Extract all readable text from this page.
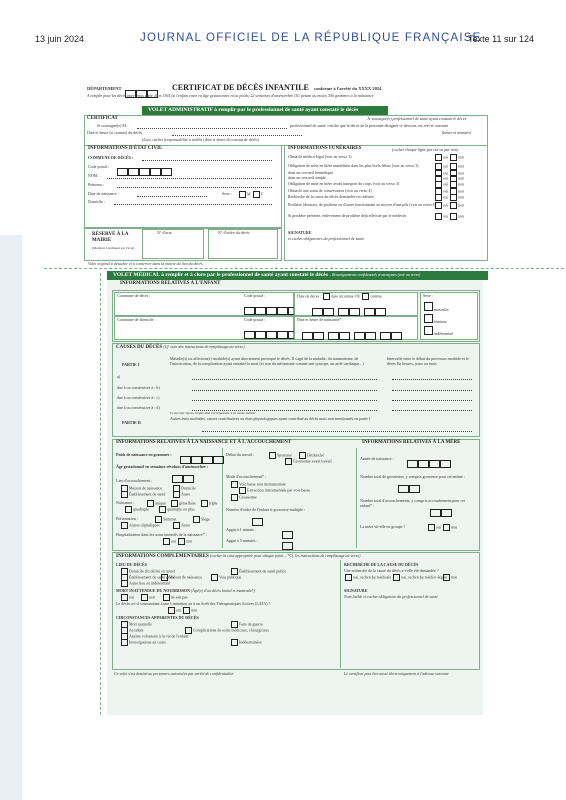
13 juin 2024	JOURNAL OFFICIEL DE LA RÉPUBLIQUE FRANÇAISE
Texte 11 sur 124
DÉPARTEMENT	CERTIFICAT DE DÉCÈS INFANTILE conforme à l'arrêté du XXXX 2024
A remplir pour les décès intervenus entre J0 et J364 (si l'enfant entre en âge gestationnel et/ou poids) 22 semaines d'aménorrhée OU pesant au moins 500 grammes à la naissance
VOLET ADMINISTRATIF à remplir par le professionnel de santé ayant constaté le décès
CERTIFICAT	Je soussigné(e) professionnel de santé ayant constaté le décès
Je soussigné(e) M.	professionnel de santé, certifie que le décès de la personne désignée ci-dessous, est réel et constant
Date et heure (si connue) du décès	(heure et minutes)
(Lieu, cachet (responsabilité à établir) date et heure du constat de décès)
INFORMATIONS D'ÉTAT CIVIL
COMMUNE DE DÉCÈS :
Code postal :
NOM :
Prénoms :
Date de naissance :	Sexe :	M	F
Domicile :
RÉSERVÉ À LA MAIRIE
(Mention à indiquer sur l'acte)
N° d'acte	N° d'ordre du décès
INFORMATIONS FUNÉRAIRES	(cocher chaque ligne par oui ou par non)
Obstacle médico-légal (voir au verso 1)	oui non
Obligation de mise en bière immédiate dans les plus brefs délais (voir au verso 3)	oui non
dans un cercueil hermétique	oui non
dans un cercueil simple	oui non
Obligation de mise en bière avant transport du corps (voir au verso 3)	oui non
Obstacle aux soins de conservation (voir au verso 4)	oui non
Recherche de la cause du décès demandée ou réalisée	oui non
Prothèse (dossiers, de prothèse ou d'autre fonctionnant au moyen d'une pile (voir au verso 6)	oui non
Si prothèse présente, enlèvement de prothèse déjà effectué par le médecin	oui non
SIGNATURE
et cachet obligatoires du professionnel de santé
Volet original à détacher et à conserver dans la mairie du lieu du décès
VOLET MÉDICAL à remplir et à clore par le professionnel de santé ayant constaté le décès – Renseignements confidentiels et anonymes (voir au verso)
INFORMATIONS RELATIVES À L'ENFANT
Commune de décès :	Code postal :	Date de décès :	date inconnue OU	connue

Commune de domicile :	Code postal :	Date et heure de naissance* :

Sexe :
masculin
féminin
indéterminé
CAUSES DU DÉCÈS (Cf. note des instructions de remplissage au verso)
PARTIE I
Maladie(s) ou affection(s) morbide(s) ayant directement provoqué le décès. Il s'agit de la maladie, du traumatisme, de l'intoxication, de la complication ayant entraîné la mort (et non du mécanisme comme une syncope, un arrêt cardiaque...)
Intervalle entre le début du processus morbide et le décès En heures, jours ou mois
a)
due à ou consécutive à : b)
due à ou consécutive à : c)
due à ou consécutive à : d)
Le dernier lignes simple doit correspondre à la cause initiale
PARTIE II
Autres états morbides, causes contributives ou états physiologiques ayant contribué au décès mais non mentionnés en partie I
INFORMATIONS RELATIVES À LA NAISSANCE ET À L'ACCOUCHEMENT	INFORMATIONS RELATIVES À LA MÈRE
Poids de naissance en grammes :
Âge gestationnel en semaines révolues d'aménorrhée :
Lieu d'accouchement :
Maison de naissance	Domicile
Établissement de santé	Autre
Naissance :	unique	gémellaire	triple
quadruple	quintuple ou plus
Présentation :	Sommet	Siège
Autres céphaliques	Autre
Hospitalisation dans les soins intensifs de la naissance* :
oui	non
Début du travail :	Spontané	Déclenché
Césarienne avant travail
Mode d'accouchement* :
Voie basse non instrumentale
Extraction instrumentale par voie basse
Césarienne
Numéro d'ordre de l'enfant si grossesse multiple :
Apgar à 1 minute :
Apgar à 5 minutes :
Année de naissance :
Nombre total de grossesses, y compris grossesse pour cet enfant :
Nombre total d'accouchements, y compris accouchement pour cet enfant* :
La mère vit-elle en groupe ?	oui	non
INFORMATIONS COMPLÉMENTAIRES (cocher la case appropriée pour chaque point – *Cf. les instructions de remplissage au verso)
LIEU DU DÉCÈS
Domicile (lit défini ou autre)	Établissement de santé public
Établissement de santé privé
Maison de naissance	Voie publique
Autre lieu ou indéterminé
MORT INATTENDUE DU NOURRISSON (Âgé(e) d'un décès brutal et inattendu*)
oui	non	ne sait pas
Le décès a-t-il concomitant à une Limitation ou à un Arrêt des Thérapeutiques Actives (LATA) ?
oui	non
CIRCONSTANCES APPARENTES DU DÉCÈS
Mort naturelle	Faits de guerre
Accident	Complications de soins médicaux, chirurgicaux
Attente volontaire à la vie de l'enfant
Indéterminées
Investigations en cours
RECHERCHE DE LA CAUSE DU DÉCÈS
Une recherche de la cause du décès a-t-elle été demandée ?
oui, recherche médicale	oui, recherche médico-légale non
SIGNATURE
Nom lisible et cachet obligatoire du professionnel de santé
Ce volet s'est destiné au personnes autorisées par arrêté de confidentialité	Le certificat peut être aussi électroniquement à l'adresse suivante
